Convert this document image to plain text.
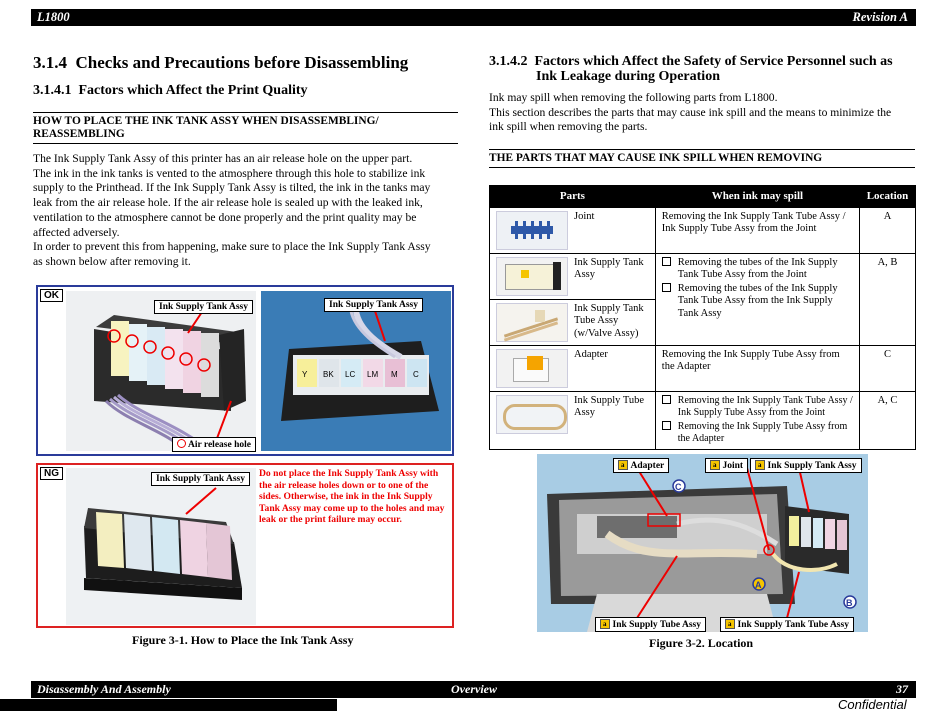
L1800	Revision A
3.1.4  Checks and Precautions before Disassembling
3.1.4.1  Factors which Affect the Print Quality
HOW TO PLACE THE INK TANK ASSY WHEN DISASSEMBLING/
REASSEMBLING
The Ink Supply Tank Assy of this printer has an air release hole on the upper part.
The ink in the ink tanks is vented to the atmosphere through this hole to stabilize ink
supply to the Printhead. If the Ink Supply Tank Assy is tilted, the ink in the tanks may
leak from the air release hole. If the air release hole is sealed up with the leaked ink,
ventilation to the atmosphere cannot be done properly and the print quality may be
affected adversely.
In order to prevent this from happening, make sure to place the Ink Supply Tank Assy
as shown below after removing it.
OK
Ink Supply Tank Assy
Air release hole
Y BK LC LM M C
Ink Supply Tank Assy
NG	Ink Supply Tank Assy	Do not place the Ink Supply Tank Assy with
the air release holes down or to one of the
sides. Otherwise, the ink in the Ink Supply
Tank Assy may come up to the holes and may
leak or the print failure may occur.
Figure 3-1. How to Place the Ink Tank Assy
3.1.4.2  Factors which Affect the Safety of Service Personnel such as
Ink Leakage during Operation
Ink may spill when removing the following parts from L1800.
This section describes the parts that may cause ink spill and the means to minimize the
ink spill when removing the parts.
THE PARTS THAT MAY CAUSE INK SPILL WHEN REMOVING
Parts	When ink may spill	Location

Joint	Removing the Ink Supply Tank Tube Assy / Ink Supply Tube Assy from the Joint	A

Ink Supply Tank Assy	Removing the tubes of the Ink Supply Tank Tube Assy from the Joint
Removing the tubes of the Ink Supply Tank Tube Assy from the Ink Supply Tank Assy	A, B

Ink Supply Tank Tube Assy (w/Valve Assy)		

Adapter	Removing the Ink Supply Tube Assy from the Adapter	C

Ink Supply Tube Assy	Removing the Ink Supply Tank Tube Assy / Ink Supply Tube Assy from the Joint
Removing the Ink Supply Tube Assy from the Adapter	A, C
A
B
C
a Adapter	a Joint	a Ink Supply Tank Assy
a Ink Supply Tube Assy	a Ink Supply Tank Tube Assy
Figure 3-2. Location
Disassembly And Assembly	Overview	37
Confidential
